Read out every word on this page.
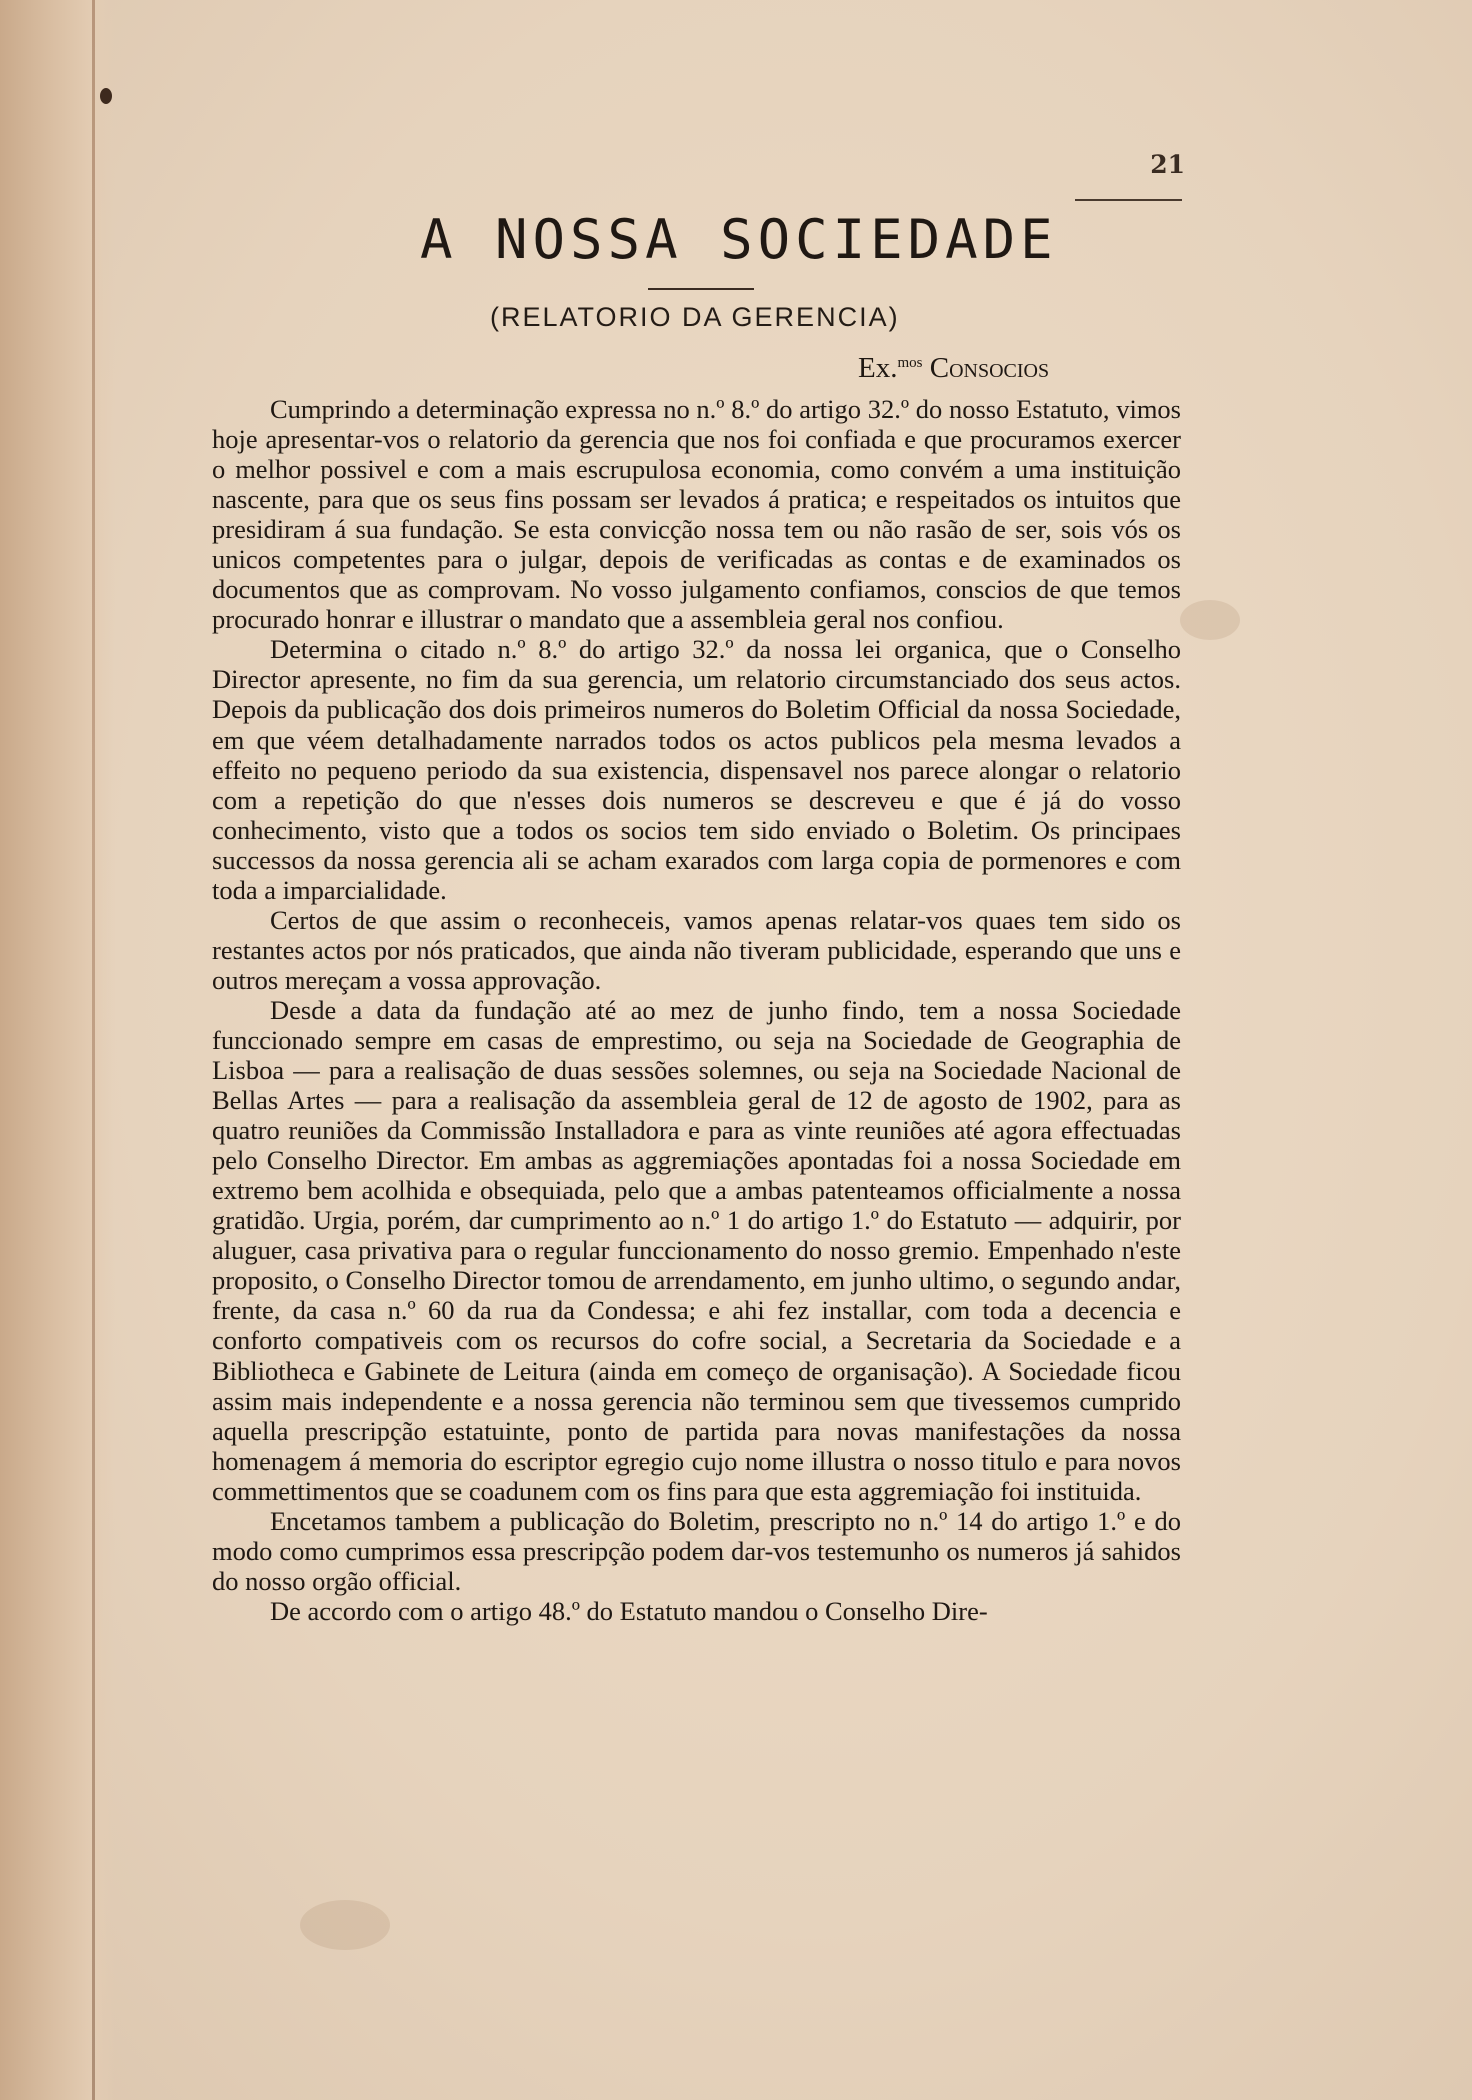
21
A NOSSA SOCIEDADE
(RELATORIO DA GERENCIA)
Ex.$^{mos}$ Consocios

Cumprindo a determinação expressa no n.º 8.º do artigo 32.º do nosso Estatuto, vimos hoje apresentar-vos o relatorio da gerencia que nos foi confiada e que procuramos exercer o melhor possivel e com a mais escrupulosa economia, como convém a uma instituição nascente, para que os seus fins possam ser levados á pratica; e respeitados os intuitos que presidiram á sua fundação. Se esta convicção nossa tem ou não rasão de ser, sois vós os unicos competentes para o julgar, depois de verificadas as contas e de examinados os documentos que as comprovam. No vosso julgamento confiamos, conscios de que temos procurado honrar e illustrar o mandato que a assembleia geral nos confiou.

Determina o citado n.º 8.º do artigo 32.º da nossa lei organica, que o Conselho Director apresente, no fim da sua gerencia, um relatorio circumstanciado dos seus actos. Depois da publicação dos dois primeiros numeros do Boletim Official da nossa Sociedade, em que véem detalhadamente narrados todos os actos publicos pela mesma levados a effeito no pequeno periodo da sua existencia, dispensavel nos parece alongar o relatorio com a repetição do que n'esses dois numeros se descreveu e que é já do vosso conhecimento, visto que a todos os socios tem sido enviado o Boletim. Os principaes successos da nossa gerencia ali se acham exarados com larga copia de pormenores e com toda a imparcialidade.

Certos de que assim o reconheceis, vamos apenas relatar-vos quaes tem sido os restantes actos por nós praticados, que ainda não tiveram publicidade, esperando que uns e outros mereçam a vossa approvação.

Desde a data da fundação até ao mez de junho findo, tem a nossa Sociedade funccionado sempre em casas de emprestimo, ou seja na Sociedade de Geographia de Lisboa — para a realisação de duas sessões solemnes, ou seja na Sociedade Nacional de Bellas Artes — para a realisação da assembleia geral de 12 de agosto de 1902, para as quatro reuniões da Commissão Installadora e para as vinte reuniões até agora effectuadas pelo Conselho Director. Em ambas as aggremiações apontadas foi a nossa Sociedade em extremo bem acolhida e obsequiada, pelo que a ambas patenteamos officialmente a nossa gratidão. Urgia, porém, dar cumprimento ao n.º 1 do artigo 1.º do Estatuto — adquirir, por aluguer, casa privativa para o regular funccionamento do nosso gremio. Empenhado n'este proposito, o Conselho Director tomou de arrendamento, em junho ultimo, o segundo andar, frente, da casa n.º 60 da rua da Condessa; e ahi fez installar, com toda a decencia e conforto compativeis com os recursos do cofre social, a Secretaria da Sociedade e a Bibliotheca e Gabinete de Leitura (ainda em começo de organisação). A Sociedade ficou assim mais independente e a nossa gerencia não terminou sem que tivessemos cumprido aquella prescripção estatuinte, ponto de partida para novas manifestações da nossa homenagem á memoria do escriptor egregio cujo nome illustra o nosso titulo e para novos commettimentos que se coadunem com os fins para que esta aggremiação foi instituida.

Encetamos tambem a publicação do Boletim, prescripto no n.º 14 do artigo 1.º e do modo como cumprimos essa prescripção podem dar-vos testemunho os numeros já sahidos do nosso orgão official.

De accordo com o artigo 48.º do Estatuto mandou o Conselho Dire-
